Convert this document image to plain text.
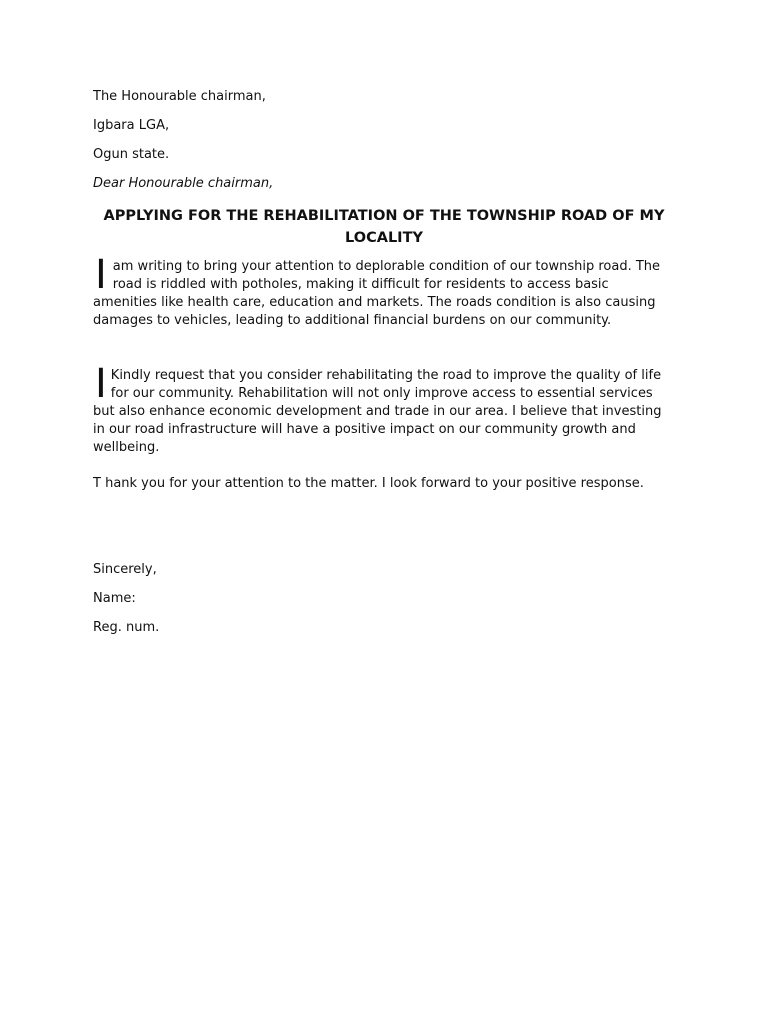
The Honourable chairman,
Igbara LGA,
Ogun state.
Dear Honourable chairman,
APPLYING FOR THE REHABILITATION OF THE TOWNSHIP ROAD OF MY LOCALITY
I am writing to bring your attention to deplorable condition of our township road. The road is riddled with potholes, making it difficult for residents to access basic amenities like health care, education and markets. The roads condition is also causing damages to vehicles, leading to additional financial burdens on our community.
I Kindly request that you consider rehabilitating the road to improve the quality of life for our community. Rehabilitation will not only improve access to essential services but also enhance economic development and trade in our area. I believe that investing in our road infrastructure will have a positive impact on our community growth and wellbeing.
T hank you for your attention to the matter. I look forward to your positive response.
Sincerely,
Name:
Reg. num.
